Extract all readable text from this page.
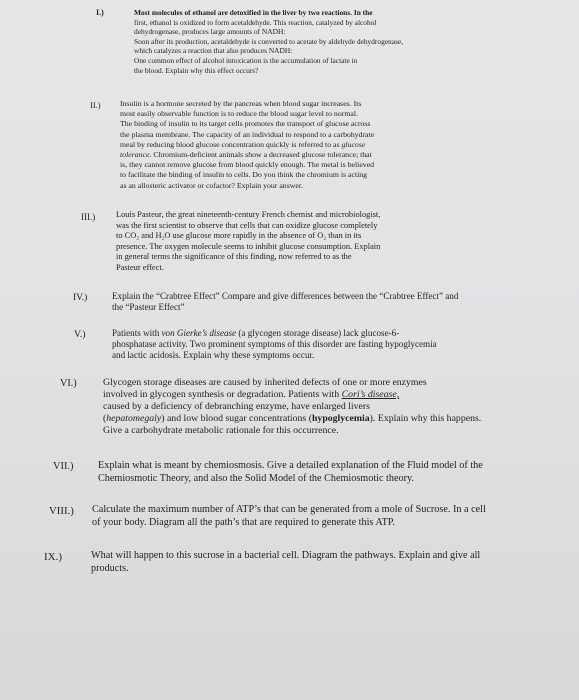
I.)	Most molecules of ethanol are detoxified in the liver by two reactions. In the

first, ethanol is oxidized to form acetaldehyde. This reaction, catalyzed by alcohol

dehydrogenase, produces large amounts of NADH:

Soon after its production, acetaldehyde is converted to acetate by aldehyde dehydrogenase,

which catalyzes a reaction that also produces NADH:

One common effect of alcohol intoxication is the accumulation of lactate in

the blood. Explain why this effect occurs?

II.) Insulin is a hormone secreted by the pancreas when blood sugar increases. Its

most easily observable function is to reduce the blood sugar level to normal.

The binding of insulin to its target cells promotes the transport of glucose across

the plasma membrane. The capacity of an individual to respond to a carbohydrate

meal by reducing blood glucose concentration quickly is referred to as glucose

tolerance. Chromium-deficient animals show a decreased glucose tolerance; that

is, they cannot remove glucose from blood quickly enough. The metal is believed

to facilitate the binding of insulin to cells. Do you think the chromium is acting

as an allosteric activator or cofactor? Explain your answer.

III.) Louis Pasteur, the great nineteenth-century French chemist and microbiologist,

was the first scientist to observe that cells that can oxidize glucose completely

to CO₂ and H₂O use glucose more rapidly in the absence of O₂ than in its

presence. The oxygen molecule seems to inhibit glucose consumption. Explain

in general terms the significance of this finding, now referred to as the

Pasteur effect.

IV.)	Explain the “Crabtree Effect” Compare and give differences between the “Crabtree Effect” and

the “Pasteur Effect”

V.)	Patients with von Gierke’s disease (a glycogen storage disease) lack glucose-6-

phosphatase activity. Two prominent symptoms of this disorder are fasting hypoglycemia

and lactic acidosis. Explain why these symptoms occur.

VI.)	Glycogen storage diseases are caused by inherited defects of one or more enzymes

involved in glycogen synthesis or degradation. Patients with Cori’s disease,

caused by a deficiency of debranching enzyme, have enlarged livers

(hepatomegaly) and low blood sugar concentrations (hypoglycemia). Explain why this happens.

Give a carbohydrate metabolic rationale for this occurrence.

VII.) Explain what is meant by chemiosmosis. Give a detailed explanation of the Fluid model of the

Chemiosmotic Theory, and also the Solid Model of the Chemiosmotic theory.

VIII.) Calculate the maximum number of ATP’s that can be generated from a mole of Sucrose. In a cell

of your body. Diagram all the path’s that are required to generate this ATP.

IX.)	What will happen to this sucrose in a bacterial cell. Diagram the pathways. Explain and give all

products.
